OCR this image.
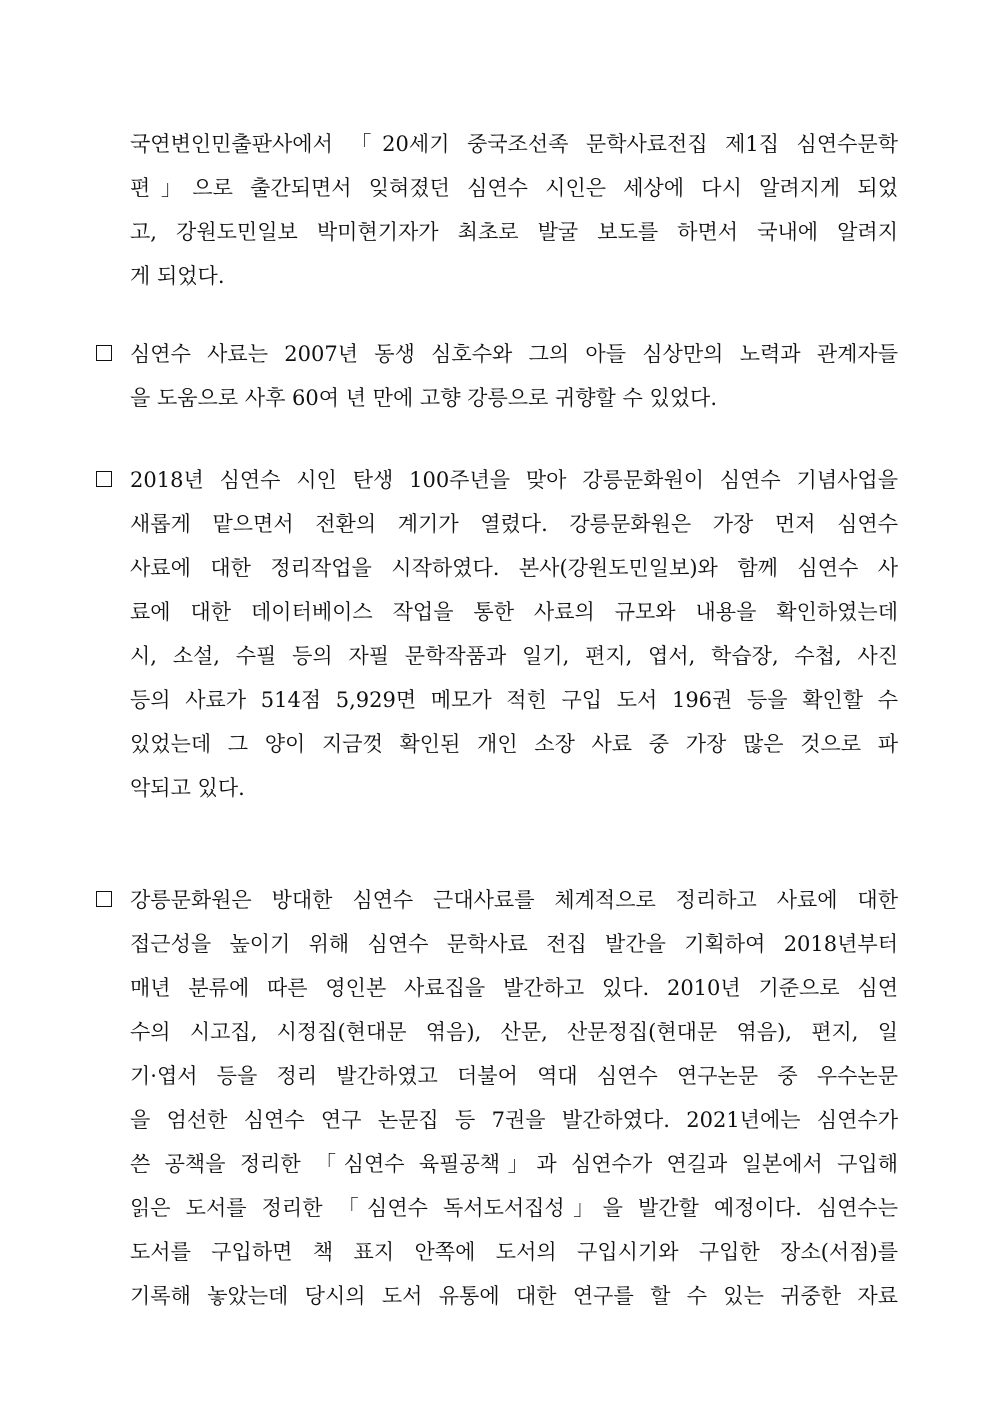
국연변인민출판사에서 「20세기 중국조선족 문학사료전집 제1집 심연수문학
편」으로 출간되면서 잊혀졌던 심연수 시인은 세상에 다시 알려지게 되었
고, 강원도민일보 박미현기자가 최초로 발굴 보도를 하면서 국내에 알려지
게 되었다.
심연수 사료는 2007년 동생 심호수와 그의 아들 심상만의 노력과 관계자들
을 도움으로 사후 60여 년 만에 고향 강릉으로 귀향할 수 있었다.
2018년 심연수 시인 탄생 100주년을 맞아 강릉문화원이 심연수 기념사업을
새롭게 맡으면서 전환의 계기가 열렸다. 강릉문화원은 가장 먼저 심연수
사료에 대한 정리작업을 시작하였다. 본사(강원도민일보)와 함께 심연수 사
료에 대한 데이터베이스 작업을 통한 사료의 규모와 내용을 확인하였는데
시, 소설, 수필 등의 자필 문학작품과 일기, 편지, 엽서, 학습장, 수첩, 사진
등의 사료가 514점 5,929면 메모가 적힌 구입 도서 196권 등을 확인할 수
있었는데 그 양이 지금껏 확인된 개인 소장 사료 중 가장 많은 것으로 파
악되고 있다.
강릉문화원은 방대한 심연수 근대사료를 체계적으로 정리하고 사료에 대한
접근성을 높이기 위해 심연수 문학사료 전집 발간을 기획하여 2018년부터
매년 분류에 따른 영인본 사료집을 발간하고 있다. 2010년 기준으로 심연
수의 시고집, 시정집(현대문 엮음), 산문, 산문정집(현대문 엮음), 편지, 일
기·엽서 등을 정리 발간하였고 더불어 역대 심연수 연구논문 중 우수논문
을 엄선한 심연수 연구 논문집 등 7권을 발간하였다. 2021년에는 심연수가
쓴 공책을 정리한 「심연수 육필공책」과 심연수가 연길과 일본에서 구입해
읽은 도서를 정리한 「심연수 독서도서집성」을 발간할 예정이다. 심연수는
도서를 구입하면 책 표지 안쪽에 도서의 구입시기와 구입한 장소(서점)를
기록해 놓았는데 당시의 도서 유통에 대한 연구를 할 수 있는 귀중한 자료
